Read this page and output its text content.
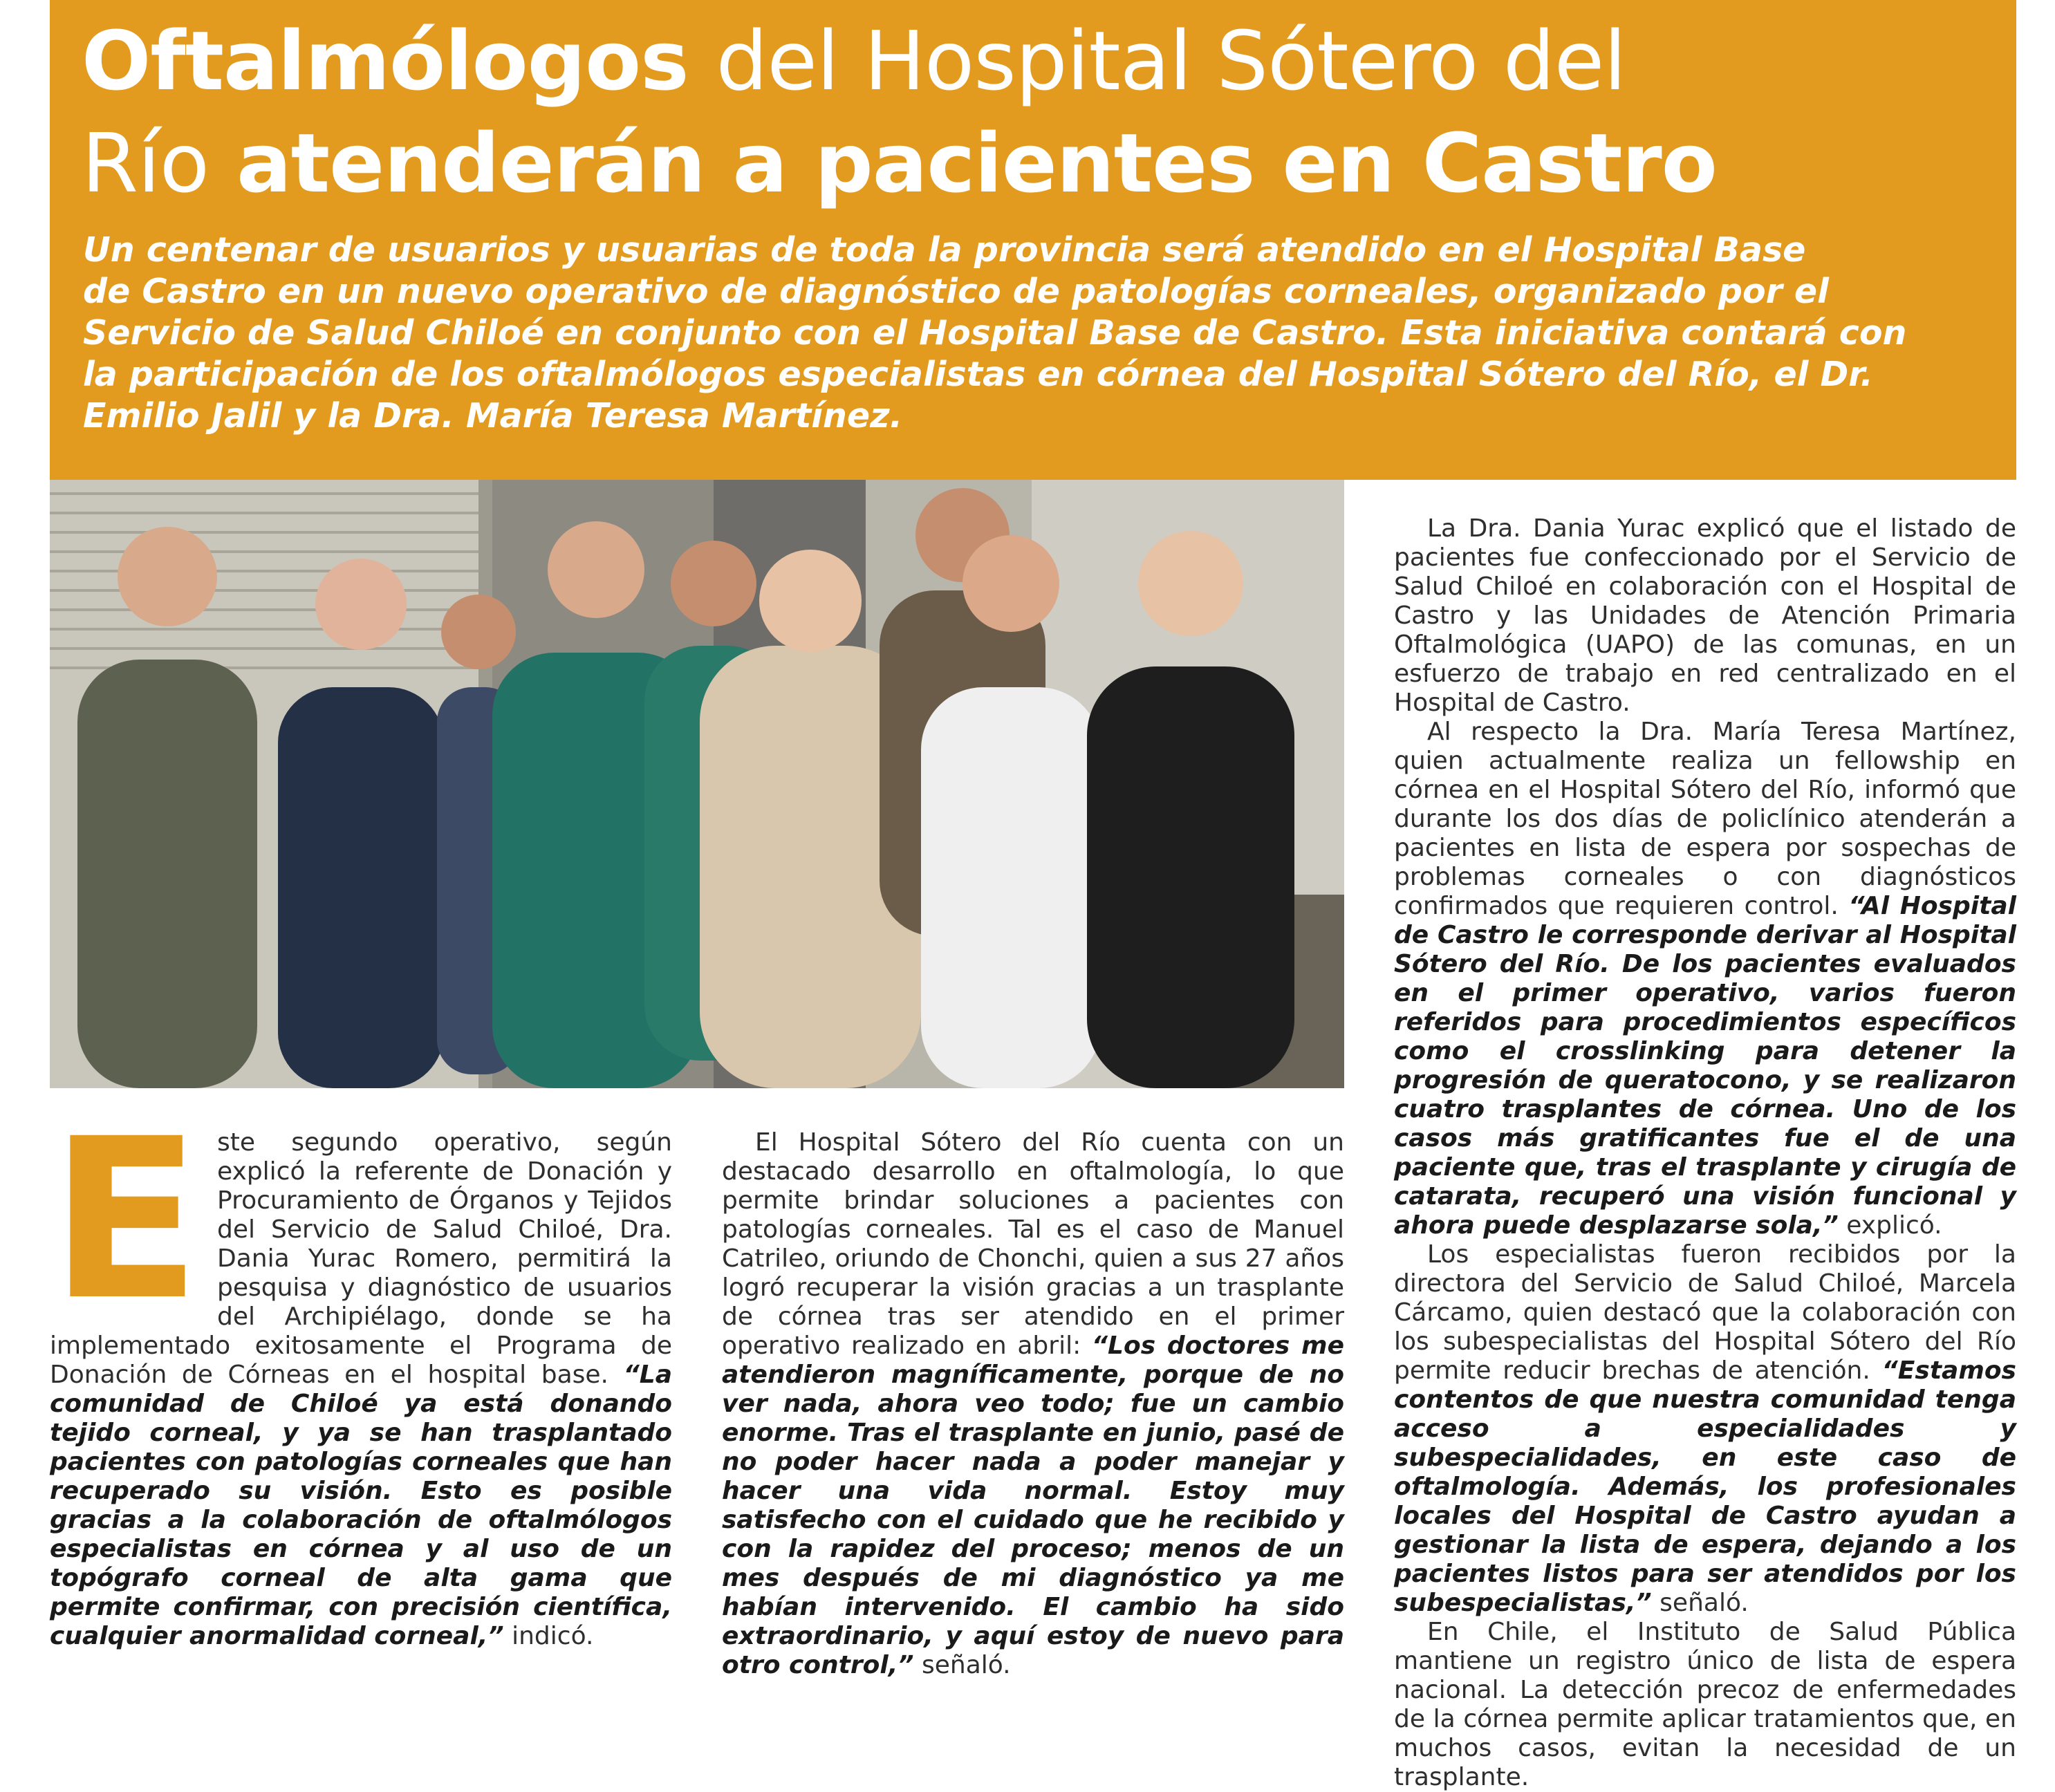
Oftalmólogos del Hospital Sótero del
Río atenderán a pacientes en Castro
Un centenar de usuarios y usuarias de toda la provincia será atendido en el Hospital Base
de Castro en un nuevo operativo de diagnóstico de patologías corneales, organizado por el
Servicio de Salud Chiloé en conjunto con el Hospital Base de Castro. Esta iniciativa contará con
la participación de los oftalmólogos especialistas en córnea del Hospital Sótero del Río, el Dr.
Emilio Jalil y la Dra. María Teresa Martínez.
E ste segundo operativo, según explicó la referente de Donación y Procuramiento de Órganos y Tejidos del Servicio de Salud Chiloé, Dra. Dania Yurac Romero, permitirá la pesquisa y diagnóstico de usuarios del Archipiélago, donde se ha implementado exitosamente el Programa de Donación de Córneas en el hospital base. “La comunidad de Chiloé ya está donando tejido corneal, y ya se han trasplantado pacientes con patologías corneales que han recuperado su visión. Esto es posible gracias a la colaboración de oftalmólogos especialistas en córnea y al uso de un topógrafo corneal de alta gama que permite confirmar, con precisión científica, cualquier anormalidad corneal,” indicó.

El Hospital Sótero del Río cuenta con un destacado desarrollo en oftalmología, lo que permite brindar soluciones a pacientes con patologías corneales. Tal es el caso de Manuel Catrileo, oriundo de Chonchi, quien a sus 27 años logró recuperar la visión gracias a un trasplante de córnea tras ser atendido en el primer operativo realizado en abril: “Los doctores me atendieron magníficamente, porque de no ver nada, ahora veo todo; fue un cambio enorme. Tras el trasplante en junio, pasé de no poder hacer nada a poder manejar y hacer una vida normal. Estoy muy satisfecho con el cuidado que he recibido y con la rapidez del proceso; menos de un mes después de mi diagnóstico ya me habían intervenido. El cambio ha sido extraordinario, y aquí estoy de nuevo para otro control,” señaló.

La Dra. Dania Yurac explicó que el listado de pacientes fue confeccionado por el Servicio de Salud Chiloé en colaboración con el Hospital de Castro y las Unidades de Atención Primaria Oftalmológica (UAPO) de las comunas, en un esfuerzo de trabajo en red centralizado en el Hospital de Castro.

Al respecto la Dra. María Teresa Martínez, quien actualmente realiza un fellowship en córnea en el Hospital Sótero del Río, informó que durante los dos días de policlínico atenderán a pacientes en lista de espera por sospechas de problemas corneales o con diagnósticos confirmados que requieren control. “Al Hospital de Castro le corresponde derivar al Hospital Sótero del Río. De los pacientes evaluados en el primer operativo, varios fueron referidos para procedimientos específicos como el crosslinking para detener la progresión de queratocono, y se realizaron cuatro trasplantes de córnea. Uno de los casos más gratificantes fue el de una paciente que, tras el trasplante y cirugía de catarata, recuperó una visión funcional y ahora puede desplazarse sola,” explicó.

Los especialistas fueron recibidos por la directora del Servicio de Salud Chiloé, Marcela Cárcamo, quien destacó que la colaboración con los subespecialistas del Hospital Sótero del Río permite reducir brechas de atención. “Estamos contentos de que nuestra comunidad tenga acceso a especialidades y subespecialidades, en este caso de oftalmología. Además, los profesionales locales del Hospital de Castro ayudan a gestionar la lista de espera, dejando a los pacientes listos para ser atendidos por los subespecialistas,” señaló.

En Chile, el Instituto de Salud Pública mantiene un registro único de lista de espera nacional. La detección precoz de enfermedades de la córnea permite aplicar tratamientos que, en muchos casos, evitan la necesidad de un trasplante.
